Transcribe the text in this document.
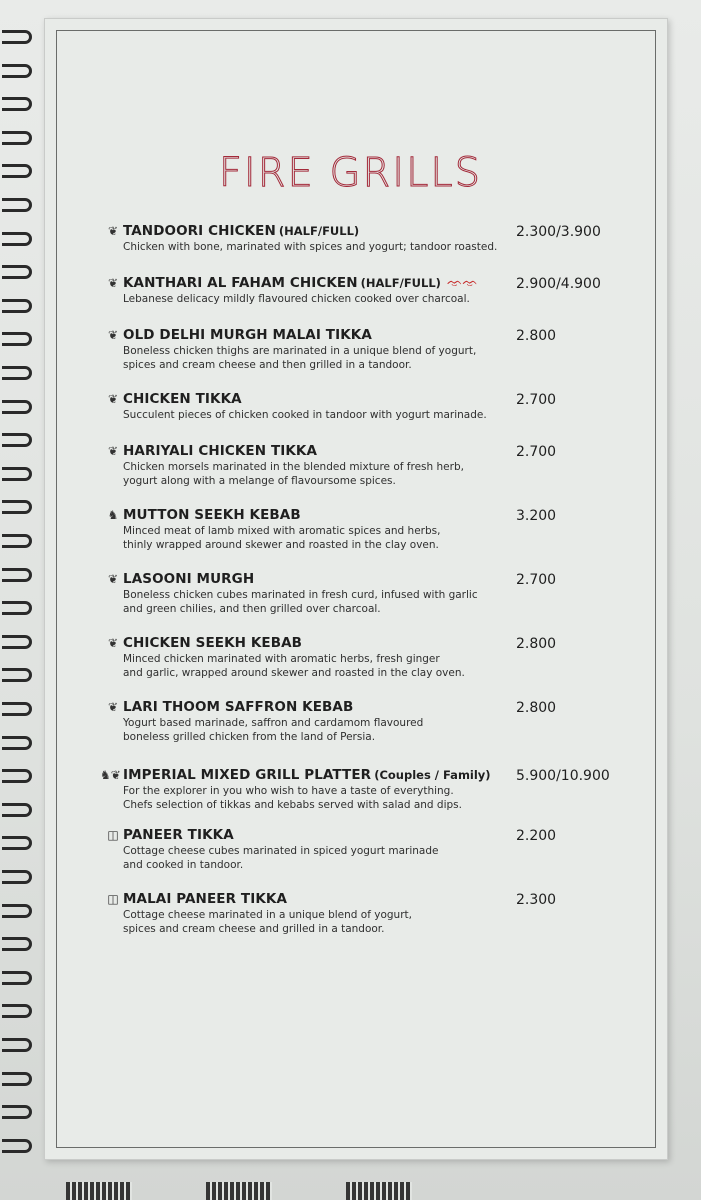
FIRE GRILLS
❦ TANDOORI CHICKEN (HALF/FULL)
Chicken with bone, marinated with spices and yogurt; tandoor roasted.
2.300/3.900
❦ KANTHARI AL FAHAM CHICKEN (HALF/FULL) ᨎᨎ
Lebanese delicacy mildly flavoured chicken cooked over charcoal.
2.900/4.900
❦ OLD DELHI MURGH MALAI TIKKA
Boneless chicken thighs are marinated in a unique blend of yogurt,
spices and cream cheese and then grilled in a tandoor.
2.800
❦ CHICKEN TIKKA
Succulent pieces of chicken cooked in tandoor with yogurt marinade.
2.700
❦ HARIYALI CHICKEN TIKKA
Chicken morsels marinated in the blended mixture of fresh herb,
yogurt along with a melange of flavoursome spices.
2.700
♞ MUTTON SEEKH KEBAB
Minced meat of lamb mixed with aromatic spices and herbs,
thinly wrapped around skewer and roasted in the clay oven.
3.200
❦ LASOONI MURGH
Boneless chicken cubes marinated in fresh curd, infused with garlic
and green chilies, and then grilled over charcoal.
2.700
❦ CHICKEN SEEKH KEBAB
Minced chicken marinated with aromatic herbs, fresh ginger
and garlic, wrapped around skewer and roasted in the clay oven.
2.800
❦ LARI THOOM SAFFRON KEBAB
Yogurt based marinade, saffron and cardamom flavoured
boneless grilled chicken from the land of Persia.
2.800
♞❦ IMPERIAL MIXED GRILL PLATTER (Couples / Family)
For the explorer in you who wish to have a taste of everything.
Chefs selection of tikkas and kebabs served with salad and dips.
5.900/10.900
◫ PANEER TIKKA
Cottage cheese cubes marinated in spiced yogurt marinade
and cooked in tandoor.
2.200
◫ MALAI PANEER TIKKA
Cottage cheese marinated in a unique blend of yogurt,
spices and cream cheese and grilled in a tandoor.
2.300
